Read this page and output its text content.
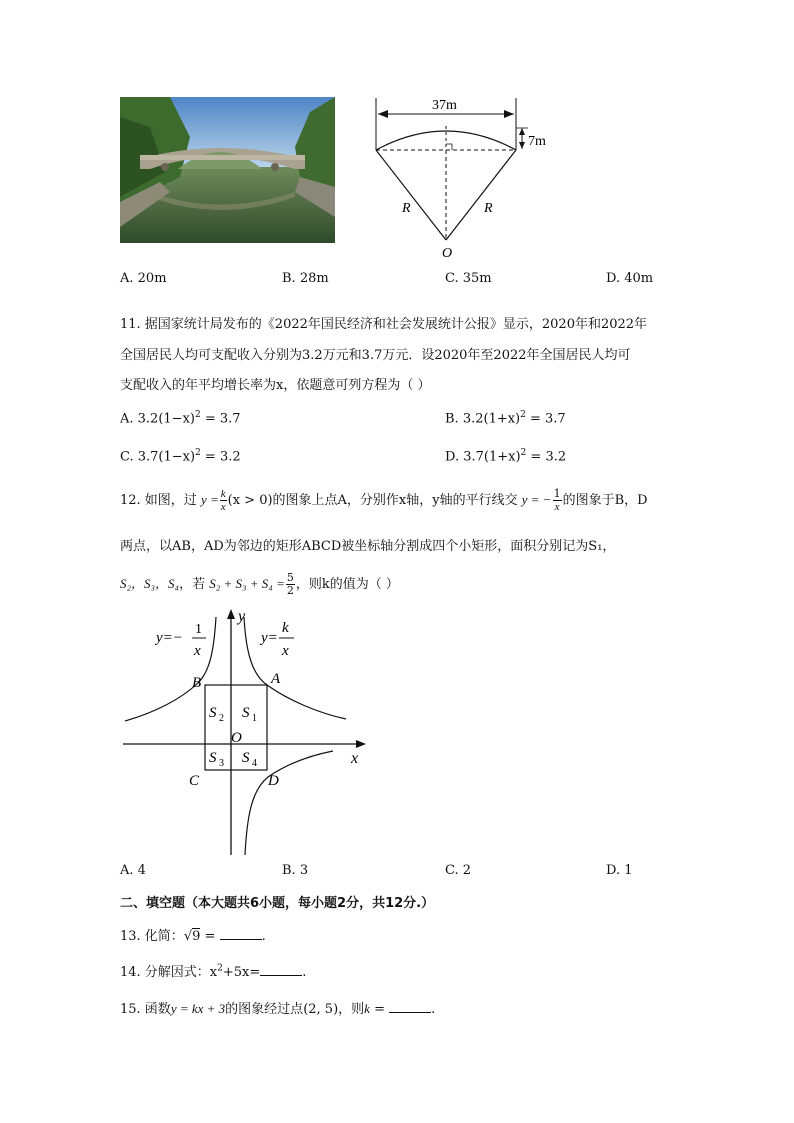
37m
7m
R	R
O
A. 20m	B. 28m	C. 35m	D. 40m
11. 据国家统计局发布的《2022年国民经济和社会发展统计公报》显示，2020年和2022年
全国居民人均可支配收入分别为3.2万元和3.7万元．设2020年至2022年全国居民人均可
支配收入的年平均增长率为x，依题意可列方程为（ ）
A. $3.2(1-x)^2 = 3.7$	B. $3.2(1+x)^2 = 3.7$
C. $3.7(1-x)^2 = 3.2$	D. $3.7(1+x)^2 = 3.2$
12. 如图，过 $y = \frac{k}{x} (x > 0)$的图象上点A，分别作x轴，y轴的平行线交 y = − $\frac{1}{x}$ 的图象于B，D
两点，以AB，AD为邻边的矩形ABCD被坐标轴分割成四个小矩形，面积分别记为S₁，
S₂，S₃，S₄，若 $S_2 + S_3 + S_4 = \frac{5}{2}$ ，则k的值为（ ）
y
x
B	A
C	D
O
S 2 S 1
S 3 S 4
y=−
1
x
y=
k
x
A. 4	B. 3	C. 2	D. 1
二、填空题（本大题共6小题，每小题2分，共12分.）
13. 化简：√9 =	.
14. 分解因式：$x^2+5x=$	.
15. 函数y = kx + 3的图象经过点(2, 5)，则k =	.
